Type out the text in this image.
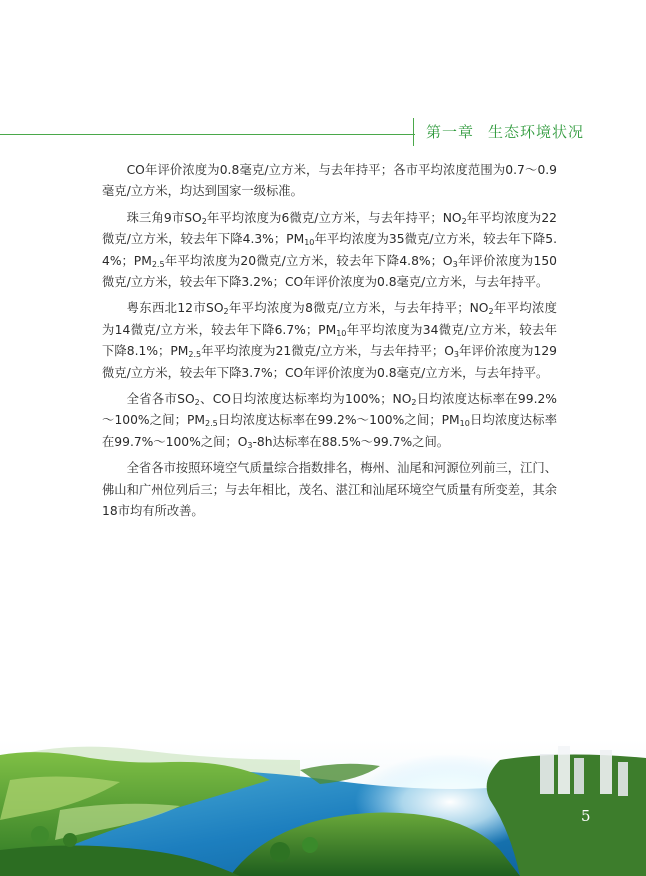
第一章 生态环境状况

CO年评价浓度为0.8毫克/立方米，与去年持平；各市平均浓度范围为0.7～0.9毫克/立方米，均达到国家一级标准。

珠三角9市$SO_2$年平均浓度为6微克/立方米，与去年持平；$NO_2$年平均浓度为22微克/立方米，较去年下降4.3%；$PM_{10}$年平均浓度为35微克/立方米，较去年下降5.4%；$PM_{2.5}$年平均浓度为20微克/立方米，较去年下降4.8%；$O_3$年评价浓度为150微克/立方米，较去年下降3.2%；CO年评价浓度为0.8毫克/立方米，与去年持平。

粤东西北12市$SO_2$年平均浓度为8微克/立方米，与去年持平；$NO_2$年平均浓度为14微克/立方米，较去年下降6.7%；$PM_{10}$年平均浓度为34微克/立方米，较去年下降8.1%；$PM_{2.5}$年平均浓度为21微克/立方米，与去年持平；$O_3$年评价浓度为129微克/立方米，较去年下降3.7%；CO年评价浓度为0.8毫克/立方米，与去年持平。

全省各市$SO_2$、CO日均浓度达标率均为100%；$NO_2$日均浓度达标率在99.2%～100%之间；$PM_{2.5}$日均浓度达标率在99.2%～100%之间；$PM_{10}$日均浓度达标率在99.7%～100%之间；$O_3-8h$达标率在88.5%～99.7%之间。

全省各市按照环境空气质量综合指数排名，梅州、汕尾和河源位列前三，江门、佛山和广州位列后三；与去年相比，茂名、湛江和汕尾环境空气质量有所变差，其余18市均有所改善。

5
